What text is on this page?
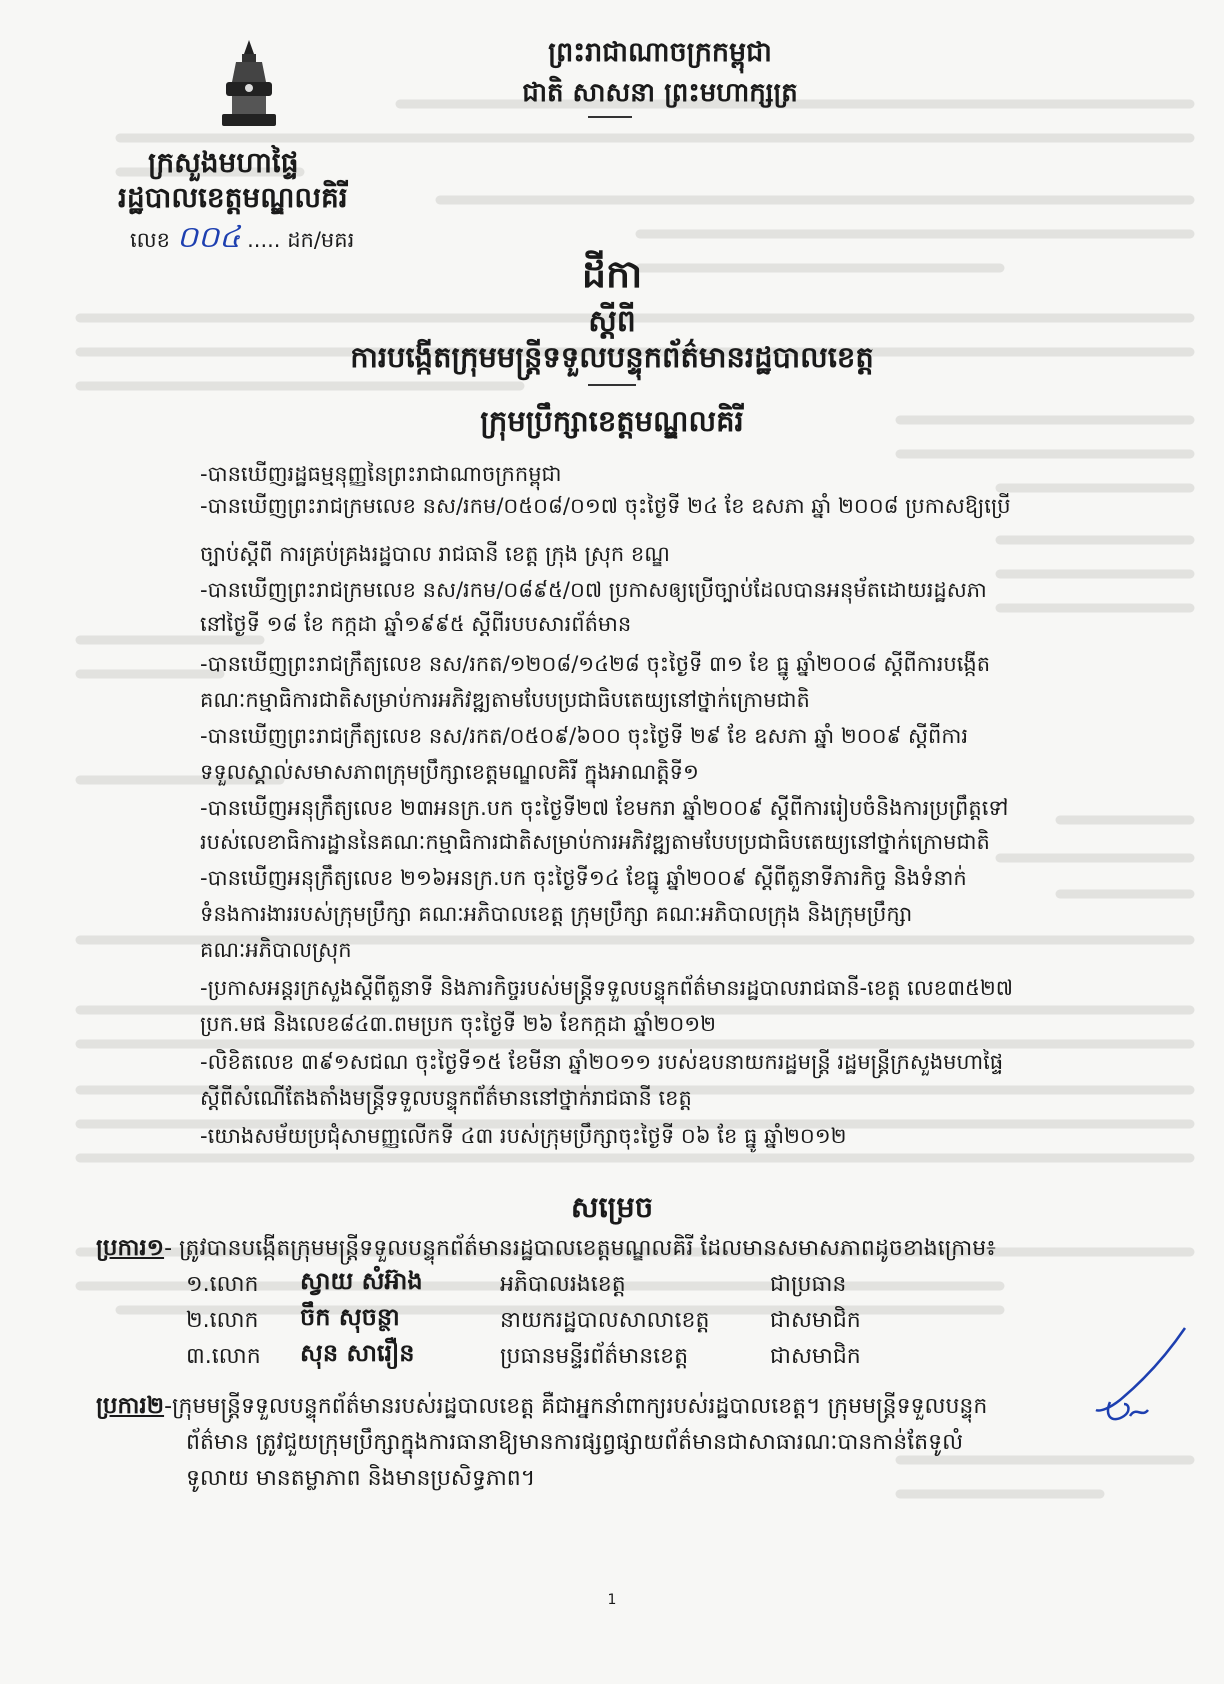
ព្រះរាជាណាចក្រកម្ពុជា
ជាតិ សាសនា ព្រះមហាក្សត្រ
ក្រសួងមហាផ្ទៃ
រដ្ឋបាលខេត្តមណ្ឌលគិរី
លេខ ០០៤ ..... ដក/មគរ
ដីកា
ស្តីពី
ការបង្កើតក្រុមមន្ត្រីទទួលបន្ទុកព័ត៌មានរដ្ឋបាលខេត្ត
ក្រុមប្រឹក្សាខេត្តមណ្ឌលគិរី
-បានឃើញរដ្ឋធម្មនុញ្ញនៃព្រះរាជាណាចក្រកម្ពុជា
-បានឃើញព្រះរាជក្រមលេខ នស/រកម/០៥០៨/០១៧ ចុះថ្ងៃទី ២៤ ខែ ឧសភា ឆ្នាំ ២០០៨ ប្រកាសឱ្យប្រើ
ច្បាប់ស្តីពី ការគ្រប់គ្រងរដ្ឋបាល រាជធានី ខេត្ត ក្រុង ស្រុក ខណ្ឌ
-បានឃើញព្រះរាជក្រមលេខ នស/រកម/០៨៩៥/០៧ ប្រកាសឲ្យប្រើច្បាប់ដែលបានអនុម័តដោយរដ្ឋសភា
នៅថ្ងៃទី ១៨ ខែ កក្កដា ឆ្នាំ១៩៩៥ ស្តីពីរបបសារព័ត៌មាន
-បានឃើញព្រះរាជក្រឹត្យលេខ នស/រកត/១២០៨/១៤២៨ ចុះថ្ងៃទី ៣១ ខែ ធ្នូ ឆ្នាំ២០០៨ ស្តីពីការបង្កើត
គណៈកម្មាធិការជាតិសម្រាប់ការអភិវឌ្ឍតាមបែបប្រជាធិបតេយ្យនៅថ្នាក់ក្រោមជាតិ
-បានឃើញព្រះរាជក្រឹត្យលេខ នស/រកត/០៥០៩/៦០០ ចុះថ្ងៃទី ២៩ ខែ ឧសភា ឆ្នាំ ២០០៩ ស្តីពីការ
ទទួលស្គាល់សមាសភាពក្រុមប្រឹក្សាខេត្តមណ្ឌលគិរី ក្នុងអាណត្តិទី១
-បានឃើញអនុក្រឹត្យលេខ ២៣អនក្រ.បក ចុះថ្ងៃទី២៧ ខែមករា ឆ្នាំ២០០៩ ស្តីពីការរៀបចំនិងការប្រព្រឹត្តទៅ
របស់លេខាធិការដ្ឋាននៃគណៈកម្មាធិការជាតិសម្រាប់ការអភិវឌ្ឍតាមបែបប្រជាធិបតេយ្យនៅថ្នាក់ក្រោមជាតិ
-បានឃើញអនុក្រឹត្យលេខ ២១៦អនក្រ.បក ចុះថ្ងៃទី១៤ ខែធ្នូ ឆ្នាំ២០០៩ ស្តីពីតួនាទីភារកិច្ច និងទំនាក់
ទំនងការងាររបស់ក្រុមប្រឹក្សា គណៈអភិបាលខេត្ត ក្រុមប្រឹក្សា គណៈអភិបាលក្រុង និងក្រុមប្រឹក្សា
គណៈអភិបាលស្រុក
-ប្រកាសអន្តរក្រសួងស្តីពីតួនាទី និងភារកិច្ចរបស់មន្ត្រីទទួលបន្ទុកព័ត៌មានរដ្ឋបាលរាជធានី-ខេត្ត លេខ៣៥២៧
ប្រក.មផ និងលេខ៨៤៣.ពមប្រក ចុះថ្ងៃទី ២៦ ខែកក្កដា ឆ្នាំ២០១២
-លិខិតលេខ ៣៩១សជណ ចុះថ្ងៃទី១៥ ខែមីនា ឆ្នាំ២០១១ របស់ឧបនាយករដ្ឋមន្ត្រី រដ្ឋមន្ត្រីក្រសួងមហាផ្ទៃ
ស្តីពីសំណើតែងតាំងមន្ត្រីទទួលបន្ទុកព័ត៌មាននៅថ្នាក់រាជធានី ខេត្ត
-យោងសម័យប្រជុំសាមញ្ញលើកទី ៤៣ របស់ក្រុមប្រឹក្សាចុះថ្ងៃទី ០៦ ខែ ធ្នូ ឆ្នាំ២០១២
សម្រេច
ប្រការ១- ត្រូវបានបង្កើតក្រុមមន្ត្រីទទួលបន្ទុកព័ត៌មានរដ្ឋបាលខេត្តមណ្ឌលគិរី ដែលមានសមាសភាពដូចខាងក្រោម៖
១.លោក ស្វាយ សំអ៊ាង	អភិបាលរងខេត្ត	ជាប្រធាន
២.លោក ចឹក សុចន្ថា	នាយករដ្ឋបាលសាលាខេត្ត	ជាសមាជិក
៣.លោក សុន សារឿន	ប្រធានមន្ទីរព័ត៌មានខេត្ត	ជាសមាជិក
ប្រការ២-ក្រុមមន្ត្រីទទួលបន្ទុកព័ត៌មានរបស់រដ្ឋបាលខេត្ត គឺជាអ្នកនាំពាក្យរបស់រដ្ឋបាលខេត្ត។ ក្រុមមន្ត្រីទទួលបន្ទុក
ព័ត៌មាន ត្រូវជួយក្រុមប្រឹក្សាក្នុងការធានាឱ្យមានការផ្សព្វផ្សាយព័ត៌មានជាសាធារណៈបានកាន់តែទូលំ
ទូលាយ មានតម្លាភាព និងមានប្រសិទ្ធភាព។
1
